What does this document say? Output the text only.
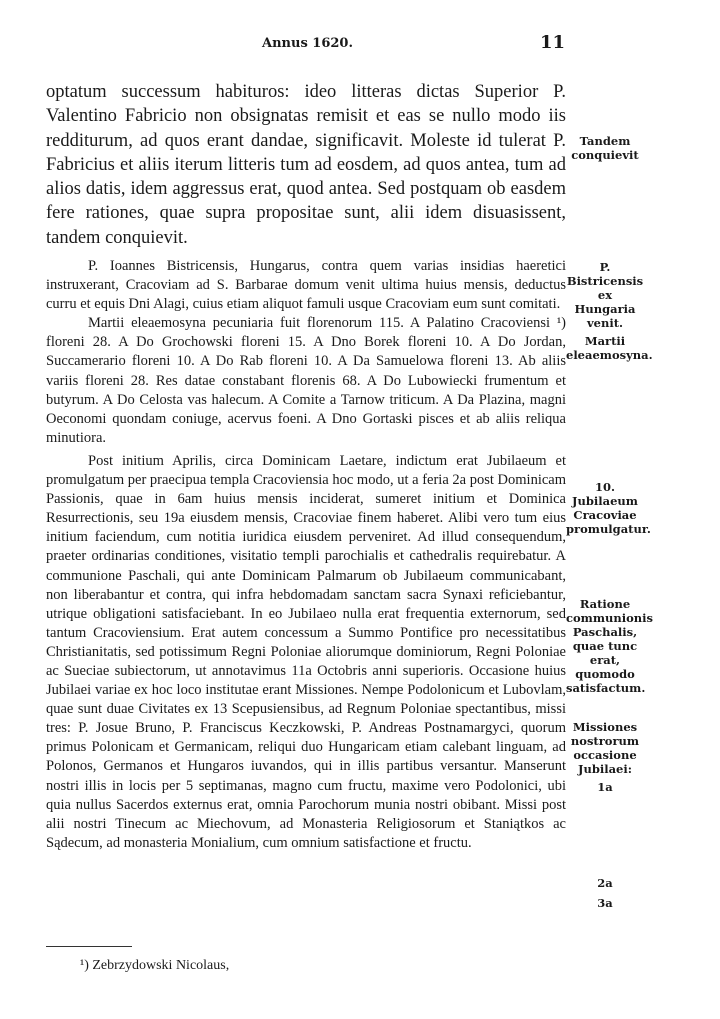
Annus 1620.	11

optatum successum habituros: ideo litteras dictas Superior P. Valentino Fabricio non obsignatas remisit et eas se nullo modo iis redditurum, ad quos erant dandae, significavit. Moleste id tulerat P. Fabricius et aliis iterum litteris tum ad eosdem, ad quos antea, tum ad alios datis, idem aggressus erat, quod antea. Sed postquam ob easdem fere rationes, quae supra propositae sunt, alii idem disuasissent, tandem conquievit.

P. Ioannes Bistricensis, Hungarus, contra quem varias insidias haeretici instruxerant, Cracoviam ad S. Barbarae domum venit ultima huius mensis, deductus curru et equis Dni Alagi, cuius etiam aliquot famuli usque Cracoviam eum sunt comitati.

Martii eleaemosyna pecuniaria fuit florenorum 115. A Palatino Cracoviensi ¹) floreni 28. A Do Grochowski floreni 15. A Dno Borek floreni 10. A Do Jordan, Succamerario floreni 10. A Do Rab floreni 10. A Da Samuelowa floreni 13. Ab aliis variis floreni 28. Res datae constabant florenis 68. A Do Lubowiecki frumentum et butyrum. A Do Celosta vas halecum. A Comite a Tarnow triticum. A Da Plazina, magni Oeconomi quondam coniuge, acervus foeni. A Dno Gortaski pisces et ab aliis reliqua minutiora.

Post initium Aprilis, circa Dominicam Laetare, indictum erat Jubilaeum et promulgatum per praecipua templa Cracoviensia hoc modo, ut a feria 2a post Dominicam Passionis, quae in 6am huius mensis inciderat, sumeret initium et Dominica Resurrectionis, seu 19a eiusdem mensis, Cracoviae finem haberet. Alibi vero tum eius initium faciendum, cum notitia iuridica eiusdem perveniret. Ad illud consequendum, praeter ordinarias conditiones, visitatio templi parochialis et cathedralis requirebatur. A communione Paschali, qui ante Dominicam Palmarum ob Jubilaeum communicabant, non liberabantur et contra, qui infra hebdomadam sanctam sacra Synaxi reficiebantur, utrique obligationi satisfaciebant. In eo Jubilaeo nulla erat frequentia externorum, sed tantum Cracoviensium. Erat autem concessum a Summo Pontifice pro necessitatibus Christianitatis, sed potissimum Regni Poloniae aliorumque dominiorum, Regni Poloniae ac Sueciae subiectorum, ut annotavimus 11a Octobris anni superioris. Occasione huius Jubilaei variae ex hoc loco institutae erant Missiones. Nempe Podolonicum et Lubovlam, quae sunt duae Civitates ex 13 Scepusiensibus, ad Regnum Poloniae spectantibus, missi tres: P. Josue Bruno, P. Franciscus Keczkowski, P. Andreas Postnamargyci, quorum primus Polonicam et Germanicam, reliqui duo Hungaricam etiam calebant linguam, ad Polonos, Germanos et Hungaros iuvandos, qui in illis partibus versantur. Manserunt nostri illis in locis per 5 septimanas, magno cum fructu, maxime vero Podolonici, ubi quia nullus Sacerdos externus erat, omnia Parochorum munia nostri obibant. Missi post alii nostri Tinecum ac Miechovum, ad Monasteria Religiosorum et Staniątkos ac Sądecum, ad monasteria Monialium, cum omnium satisfactione et fructu.

Tandem conquievit
P. Bistricensis ex Hungaria venit.
Martii eleaemosyna.
10. Jubilaeum Cracoviae promulgatur.
Ratione communionis Paschalis, quae tunc erat, quomodo satisfactum.
Missiones nostrorum occasione Jubilaei:
1a
2a
3a
¹) Zebrzydowski Nicolaus,
